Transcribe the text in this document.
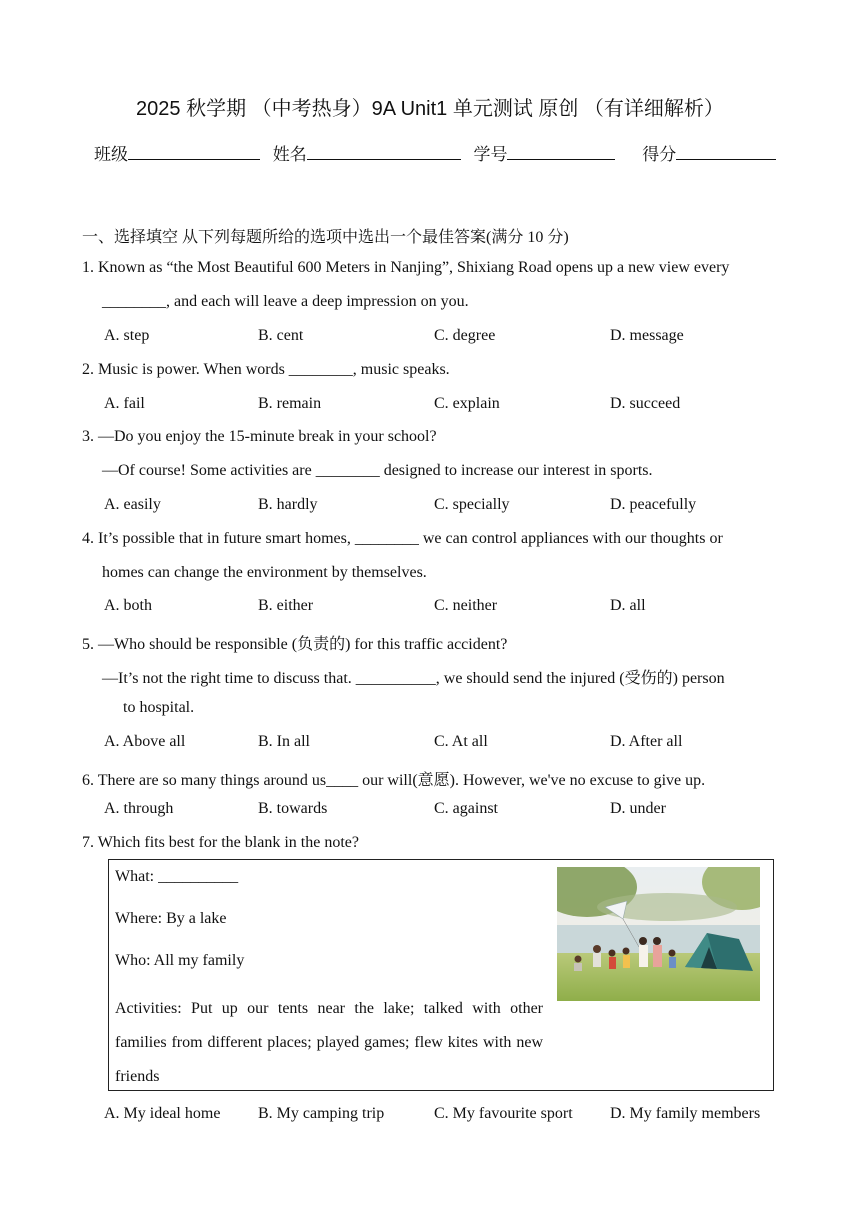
2025 秋学期 （中考热身）9A Unit1 单元测试 原创 （有详细解析）
班级	姓名	学号	得分
一、选择填空 从下列每题所给的选项中选出一个最佳答案(满分 10 分)
1. Known as “the Most Beautiful 600 Meters in Nanjing”, Shixiang Road opens up a new view every
________, and each will leave a deep impression on you.
A. step	B. cent	C. degree	D. message
2. Music is power. When words ________, music speaks.
A. fail	B. remain	C. explain	D. succeed
3. —Do you enjoy the 15-minute break in your school?
—Of course! Some activities are ________ designed to increase our interest in sports.
A. easily	B. hardly	C. specially	D. peacefully
4. It’s possible that in future smart homes, ________ we can control appliances with our thoughts or
homes can change the environment by themselves.
A. both	B. either	C. neither	D. all
5. —Who should be responsible (负责的) for this traffic accident?
—It’s not the right time to discuss that. __________, we should send the injured (受伤的) person
to hospital.
A. Above all	B. In all	C. At all	D. After all
6. There are so many things around us____ our will(意愿). However, we've no excuse to give up.
A. through	B. towards	C. against	D. under
7. Which fits best for the blank in the note?
What: __________
Where: By a lake
Who: All my family
Activities: Put up our tents near the lake; talked with other families from different places; played games; flew kites with new friends
A. My ideal home B. My camping trip	C. My favourite sport D. My family members
